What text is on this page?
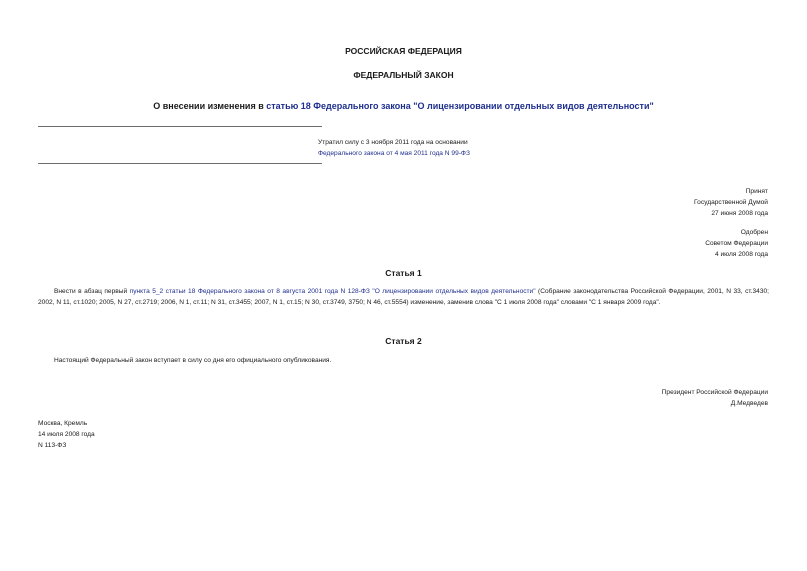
РОССИЙСКАЯ ФЕДЕРАЦИЯ
ФЕДЕРАЛЬНЫЙ ЗАКОН
О внесении изменения в статью 18 Федерального закона "О лицензировании отдельных видов деятельности"
Утратил силу с 3 ноября 2011 года на основании
Федерального закона от 4 мая 2011 года N 99-ФЗ
Принят
Государственной Думой
27 июня 2008 года
Одобрен
Советом Федерации
4 июля 2008 года
Статья 1
Внести в абзац первый пункта 5_2 статьи 18 Федерального закона от 8 августа 2001 года N 128-ФЗ "О лицензировании отдельных видов деятельности" (Собрание законодательства Российской Федерации, 2001, N 33, ст.3430; 2002, N 11, ст.1020; 2005, N 27, ст.2719; 2006, N 1, ст.11; N 31, ст.3455; 2007, N 1, ст.15; N 30, ст.3749, 3750; N 46, ст.5554) изменение, заменив слова "С 1 июля 2008 года" словами "С 1 января 2009 года".
Статья 2
Настоящий Федеральный закон вступает в силу со дня его официального опубликования.
Президент Российской Федерации
Д.Медведев
Москва, Кремль
14 июля 2008 года
N 113-ФЗ
